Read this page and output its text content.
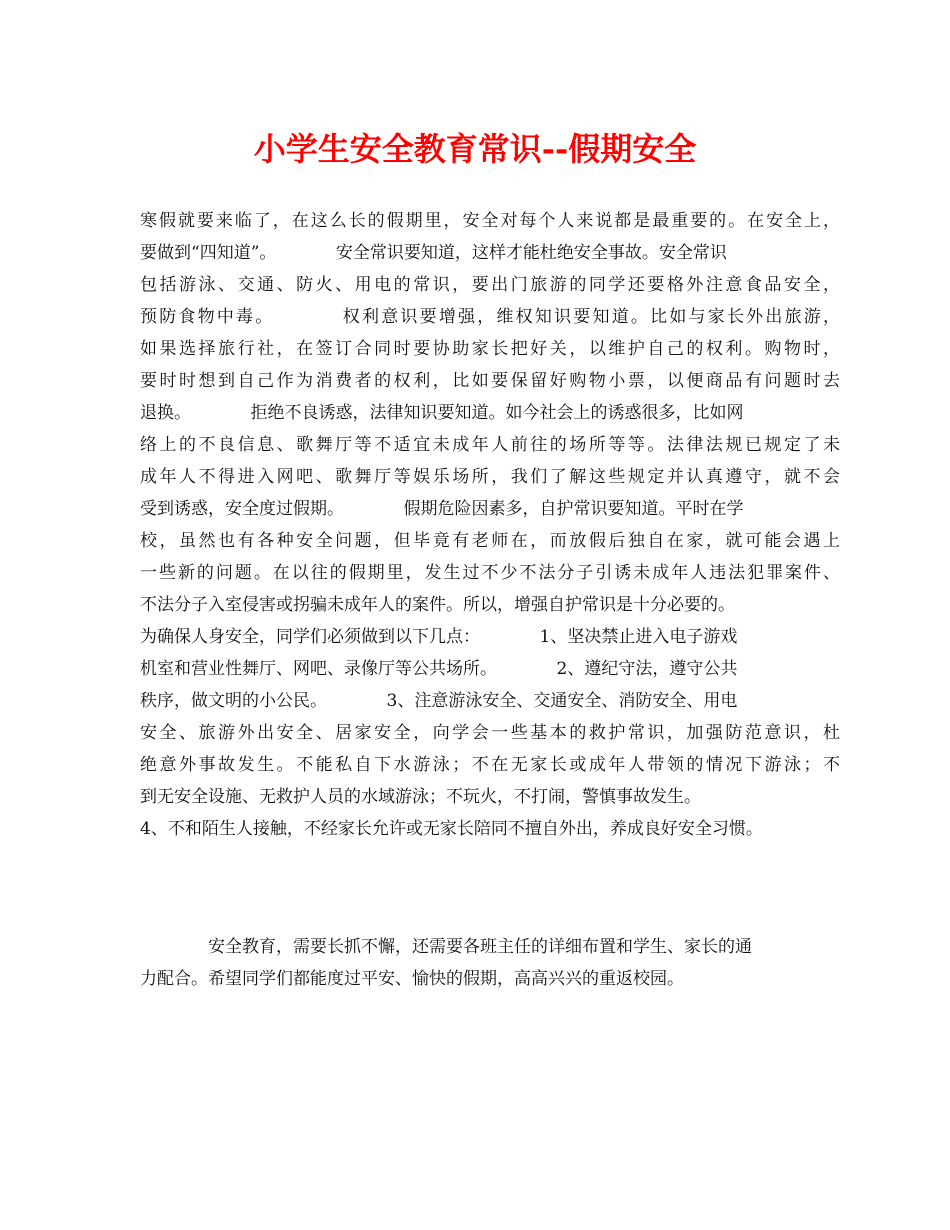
小学生安全教育常识--假期安全
寒假就要来临了，在这么长的假期里，安全对每个人来说都是最重要的。在安全上，
要做到“四知道”。　　　　安全常识要知道，这样才能杜绝安全事故。安全常识
包括游泳、交通、防火、用电的常识，要出门旅游的同学还要格外注意食品安全，
预防食物中毒。　　　　权利意识要增强，维权知识要知道。比如与家长外出旅游，
如果选择旅行社，在签订合同时要协助家长把好关，以维护自己的权利。购物时，
要时时想到自己作为消费者的权利，比如要保留好购物小票，以便商品有问题时去
退换。　　　　拒绝不良诱惑，法律知识要知道。如今社会上的诱惑很多，比如网
络上的不良信息、歌舞厅等不适宜未成年人前往的场所等等。法律法规已规定了未
成年人不得进入网吧、歌舞厅等娱乐场所，我们了解这些规定并认真遵守，就不会
受到诱惑，安全度过假期。　　　　假期危险因素多，自护常识要知道。平时在学
校，虽然也有各种安全问题，但毕竟有老师在，而放假后独自在家，就可能会遇上
一些新的问题。在以往的假期里，发生过不少不法分子引诱未成年人违法犯罪案件、
不法分子入室侵害或拐骗未成年人的案件。所以，增强自护常识是十分必要的。
为确保人身安全，同学们必须做到以下几点：　　　　1、坚决禁止进入电子游戏
机室和营业性舞厅、网吧、录像厅等公共场所。　　　　2、遵纪守法，遵守公共
秩序，做文明的小公民。　　　　3、注意游泳安全、交通安全、消防安全、用电
安全、旅游外出安全、居家安全，向学会一些基本的救护常识，加强防范意识，杜
绝意外事故发生。不能私自下水游泳；不在无家长或成年人带领的情况下游泳；不
到无安全设施、无救护人员的水域游泳；不玩火，不打闹，警慎事故发生。
4、不和陌生人接触，不经家长允许或无家长陪同不擅自外出，养成良好安全习惯。
　　　　安全教育，需要长抓不懈，还需要各班主任的详细布置和学生、家长的通
力配合。希望同学们都能度过平安、愉快的假期，高高兴兴的重返校园。
